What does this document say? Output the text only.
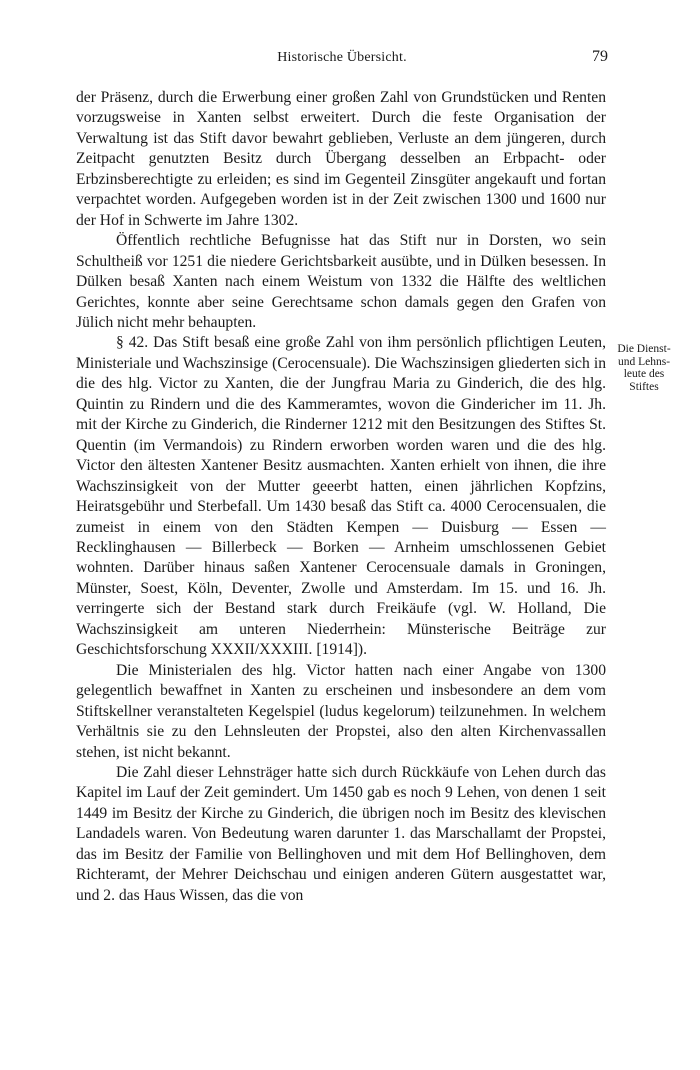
Historische Übersicht.	79

der Präsenz, durch die Erwerbung einer großen Zahl von Grundstücken und Renten vorzugsweise in Xanten selbst erweitert. Durch die feste Organisation der Verwaltung ist das Stift davor bewahrt geblieben, Verluste an dem jüngeren, durch Zeitpacht genutzten Besitz durch Übergang desselben an Erbpacht- oder Erbzinsberechtigte zu erleiden; es sind im Gegenteil Zinsgüter angekauft und fortan verpachtet worden. Aufgegeben worden ist in der Zeit zwischen 1300 und 1600 nur der Hof in Schwerte im Jahre 1302.

Öffentlich rechtliche Befugnisse hat das Stift nur in Dorsten, wo sein Schultheiß vor 1251 die niedere Gerichtsbarkeit ausübte, und in Dülken besessen. In Dülken besaß Xanten nach einem Weistum von 1332 die Hälfte des weltlichen Gerichtes, konnte aber seine Gerechtsame schon damals gegen den Grafen von Jülich nicht mehr behaupten.

§ 42. Das Stift besaß eine große Zahl von ihm persönlich pflichtigen Leuten, Ministeriale und Wachszinsige (Cerocensuale). Die Wachszinsigen gliederten sich in die des hlg. Victor zu Xanten, die der Jungfrau Maria zu Ginderich, die des hlg. Quintin zu Rindern und die des Kammeramtes, wovon die Gindericher im 11. Jh. mit der Kirche zu Ginderich, die Rinderner 1212 mit den Besitzungen des Stiftes St. Quentin (im Vermandois) zu Rindern erworben worden waren und die des hlg. Victor den ältesten Xantener Besitz ausmachten. Xanten erhielt von ihnen, die ihre Wachszinsigkeit von der Mutter geeerbt hatten, einen jährlichen Kopfzins, Heiratsgebühr und Sterbefall. Um 1430 besaß das Stift ca. 4000 Cerocensualen, die zumeist in einem von den Städten Kempen — Duisburg — Essen — Recklinghausen — Billerbeck — Borken — Arnheim umschlossenen Gebiet wohnten. Darüber hinaus saßen Xantener Cerocensuale damals in Groningen, Münster, Soest, Köln, Deventer, Zwolle und Amsterdam. Im 15. und 16. Jh. verringerte sich der Bestand stark durch Freikäufe (vgl. W. Holland, Die Wachszinsigkeit am unteren Niederrhein: Münsterische Beiträge zur Geschichtsforschung XXXII/XXXIII. [1914]).

Die Ministerialen des hlg. Victor hatten nach einer Angabe von 1300 gelegentlich bewaffnet in Xanten zu erscheinen und insbesondere an dem vom Stiftskellner veranstalteten Kegelspiel (ludus kegelorum) teilzunehmen. In welchem Verhältnis sie zu den Lehnsleuten der Propstei, also den alten Kirchenvassallen stehen, ist nicht bekannt.

Die Zahl dieser Lehnsträger hatte sich durch Rückkäufe von Lehen durch das Kapitel im Lauf der Zeit gemindert. Um 1450 gab es noch 9 Lehen, von denen 1 seit 1449 im Besitz der Kirche zu Ginderich, die übrigen noch im Besitz des klevischen Landadels waren. Von Bedeutung waren darunter 1. das Marschallamt der Propstei, das im Besitz der Familie von Bellinghoven und mit dem Hof Bellinghoven, dem Richteramt, der Mehrer Deichschau und einigen anderen Gütern ausgestattet war, und 2. das Haus Wissen, das die von

Die Dienst-
und Lehns-
leute des
Stiftes
